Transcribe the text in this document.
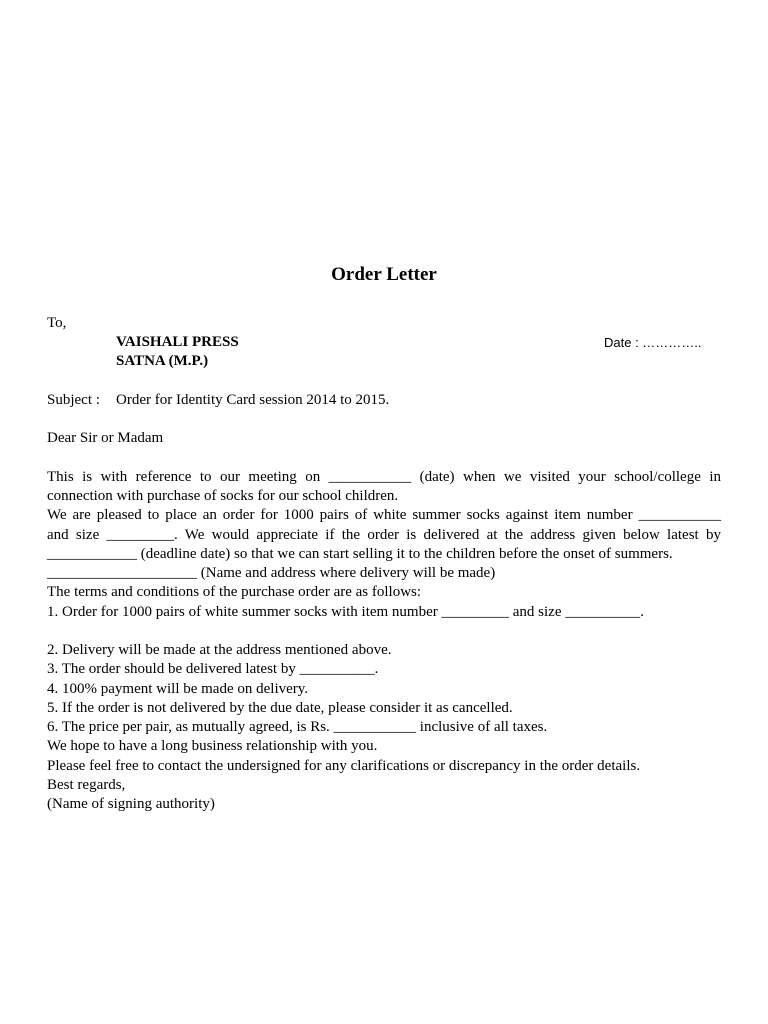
Order Letter
To,
VAISHALI PRESS	Date : …………..
SATNA (M.P.)
Subject : Order for Identity Card session 2014 to 2015.
Dear Sir or Madam
This is with reference to our meeting on ___________ (date) when we visited your school/college in
connection with purchase of socks for our school children.
We are pleased to place an order for 1000 pairs of white summer socks against item number ___________
and size _________. We would appreciate if the order is delivered at the address given below latest by
____________ (deadline date) so that we can start selling it to the children before the onset of summers.
____________________ (Name and address where delivery will be made)
The terms and conditions of the purchase order are as follows:
1. Order for 1000 pairs of white summer socks with item number _________ and size __________.
2. Delivery will be made at the address mentioned above.
3. The order should be delivered latest by __________.
4. 100% payment will be made on delivery.
5. If the order is not delivered by the due date, please consider it as cancelled.
6. The price per pair, as mutually agreed, is Rs. ___________ inclusive of all taxes.
We hope to have a long business relationship with you.
Please feel free to contact the undersigned for any clarifications or discrepancy in the order details.
Best regards,
(Name of signing authority)
